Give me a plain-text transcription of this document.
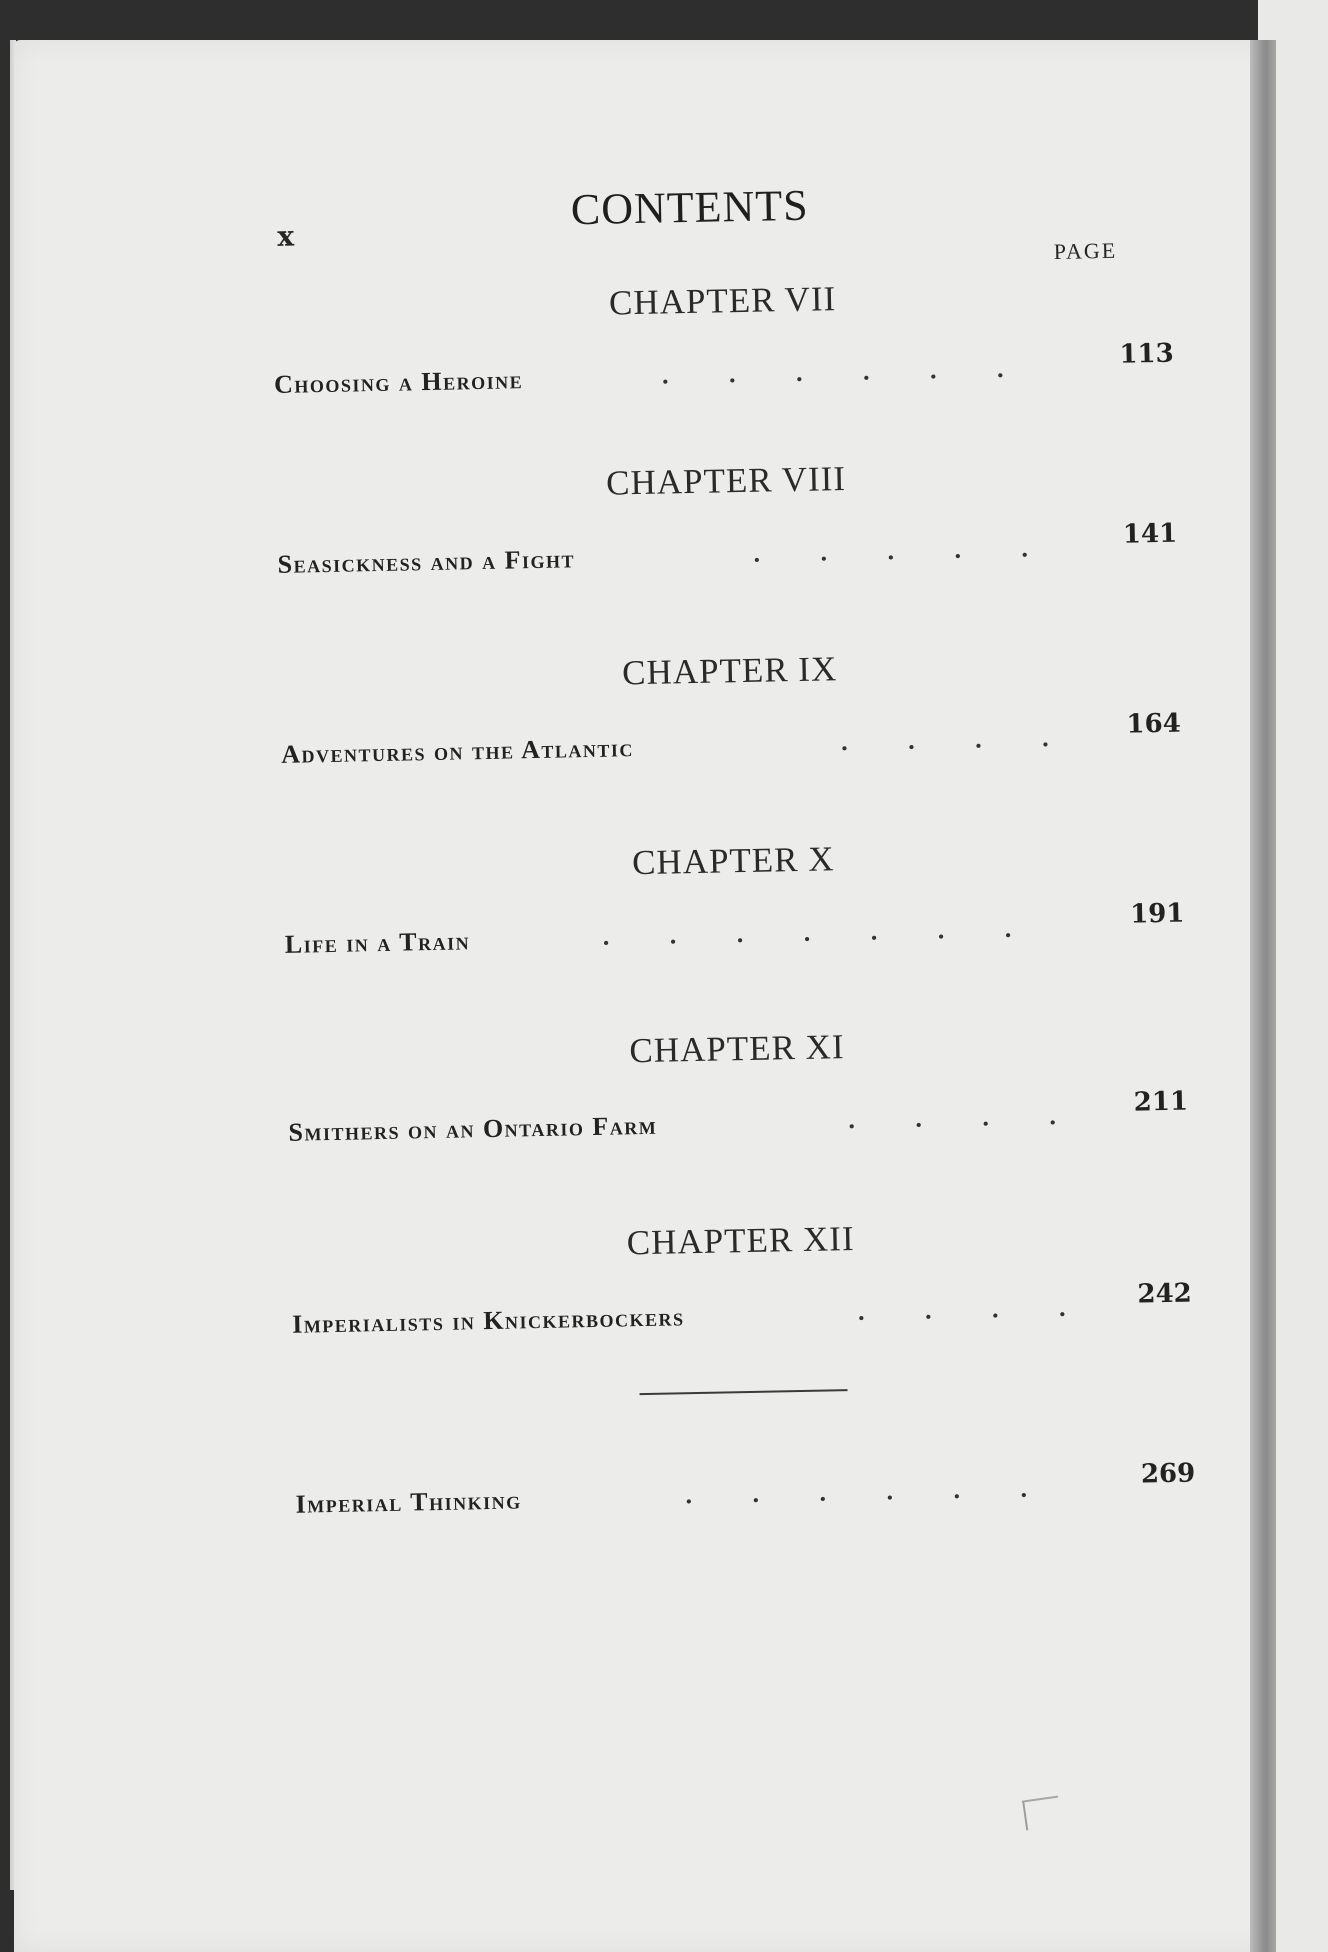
x
CONTENTS
PAGE
CHAPTER VII
Choosing a Heroine	. . . . . .	113
CHAPTER VIII
Seasickness and a Fight	. . . . .	141
CHAPTER IX
Adventures on the Atlantic	. . . .	164
CHAPTER X
Life in a Train	. . . . . . .	191
CHAPTER XI
Smithers on an Ontario Farm	. . . .	211
CHAPTER XII
Imperialists in Knickerbockers	. . . .	242
Imperial Thinking	. . . . . .	269
